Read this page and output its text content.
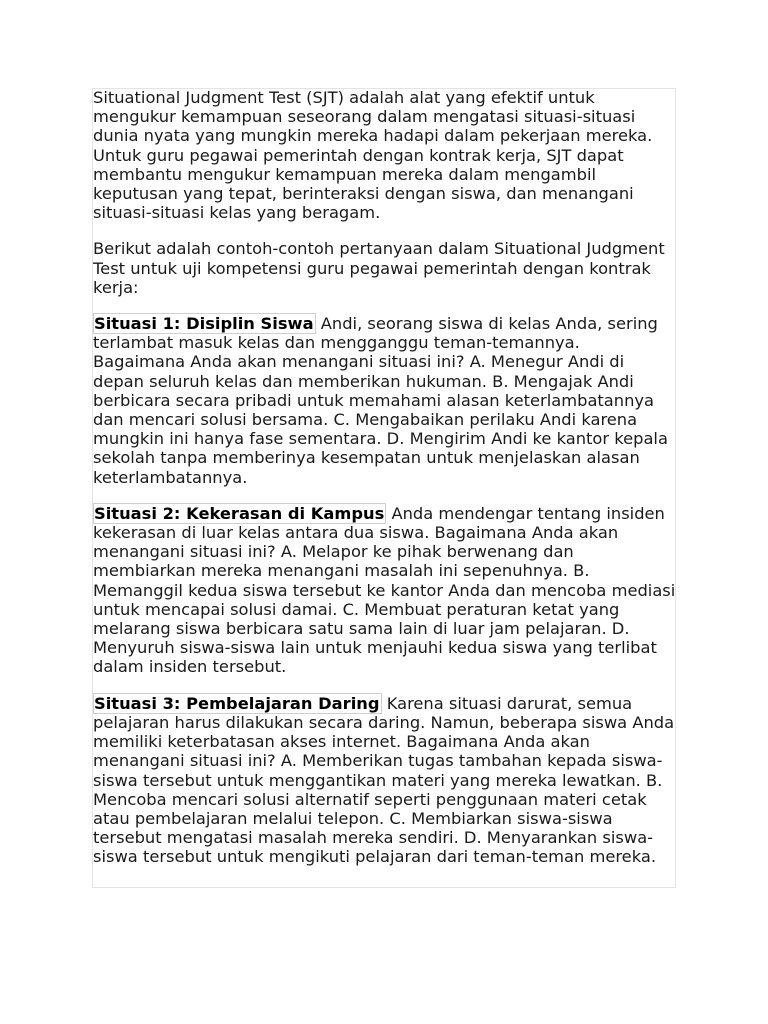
Situational Judgment Test (SJT) adalah alat yang efektif untuk mengukur kemampuan seseorang dalam mengatasi situasi-situasi dunia nyata yang mungkin mereka hadapi dalam pekerjaan mereka. Untuk guru pegawai pemerintah dengan kontrak kerja, SJT dapat membantu mengukur kemampuan mereka dalam mengambil keputusan yang tepat, berinteraksi dengan siswa, dan menangani situasi-situasi kelas yang beragam.

Berikut adalah contoh-contoh pertanyaan dalam Situational Judgment Test untuk uji kompetensi guru pegawai pemerintah dengan kontrak kerja:

Situasi 1: Disiplin Siswa Andi, seorang siswa di kelas Anda, sering terlambat masuk kelas dan mengganggu teman-temannya. Bagaimana Anda akan menangani situasi ini? A. Menegur Andi di depan seluruh kelas dan memberikan hukuman. B. Mengajak Andi berbicara secara pribadi untuk memahami alasan keterlambatannya dan mencari solusi bersama. C. Mengabaikan perilaku Andi karena mungkin ini hanya fase sementara. D. Mengirim Andi ke kantor kepala sekolah tanpa memberinya kesempatan untuk menjelaskan alasan keterlambatannya.

Situasi 2: Kekerasan di Kampus Anda mendengar tentang insiden kekerasan di luar kelas antara dua siswa. Bagaimana Anda akan menangani situasi ini? A. Melapor ke pihak berwenang dan membiarkan mereka menangani masalah ini sepenuhnya. B. Memanggil kedua siswa tersebut ke kantor Anda dan mencoba mediasi untuk mencapai solusi damai. C. Membuat peraturan ketat yang melarang siswa berbicara satu sama lain di luar jam pelajaran. D. Menyuruh siswa-siswa lain untuk menjauhi kedua siswa yang terlibat dalam insiden tersebut.

Situasi 3: Pembelajaran Daring Karena situasi darurat, semua pelajaran harus dilakukan secara daring. Namun, beberapa siswa Anda memiliki keterbatasan akses internet. Bagaimana Anda akan menangani situasi ini? A. Memberikan tugas tambahan kepada siswa-siswa tersebut untuk menggantikan materi yang mereka lewatkan. B. Mencoba mencari solusi alternatif seperti penggunaan materi cetak atau pembelajaran melalui telepon. C. Membiarkan siswa-siswa tersebut mengatasi masalah mereka sendiri. D. Menyarankan siswa-siswa tersebut untuk mengikuti pelajaran dari teman-teman mereka.
